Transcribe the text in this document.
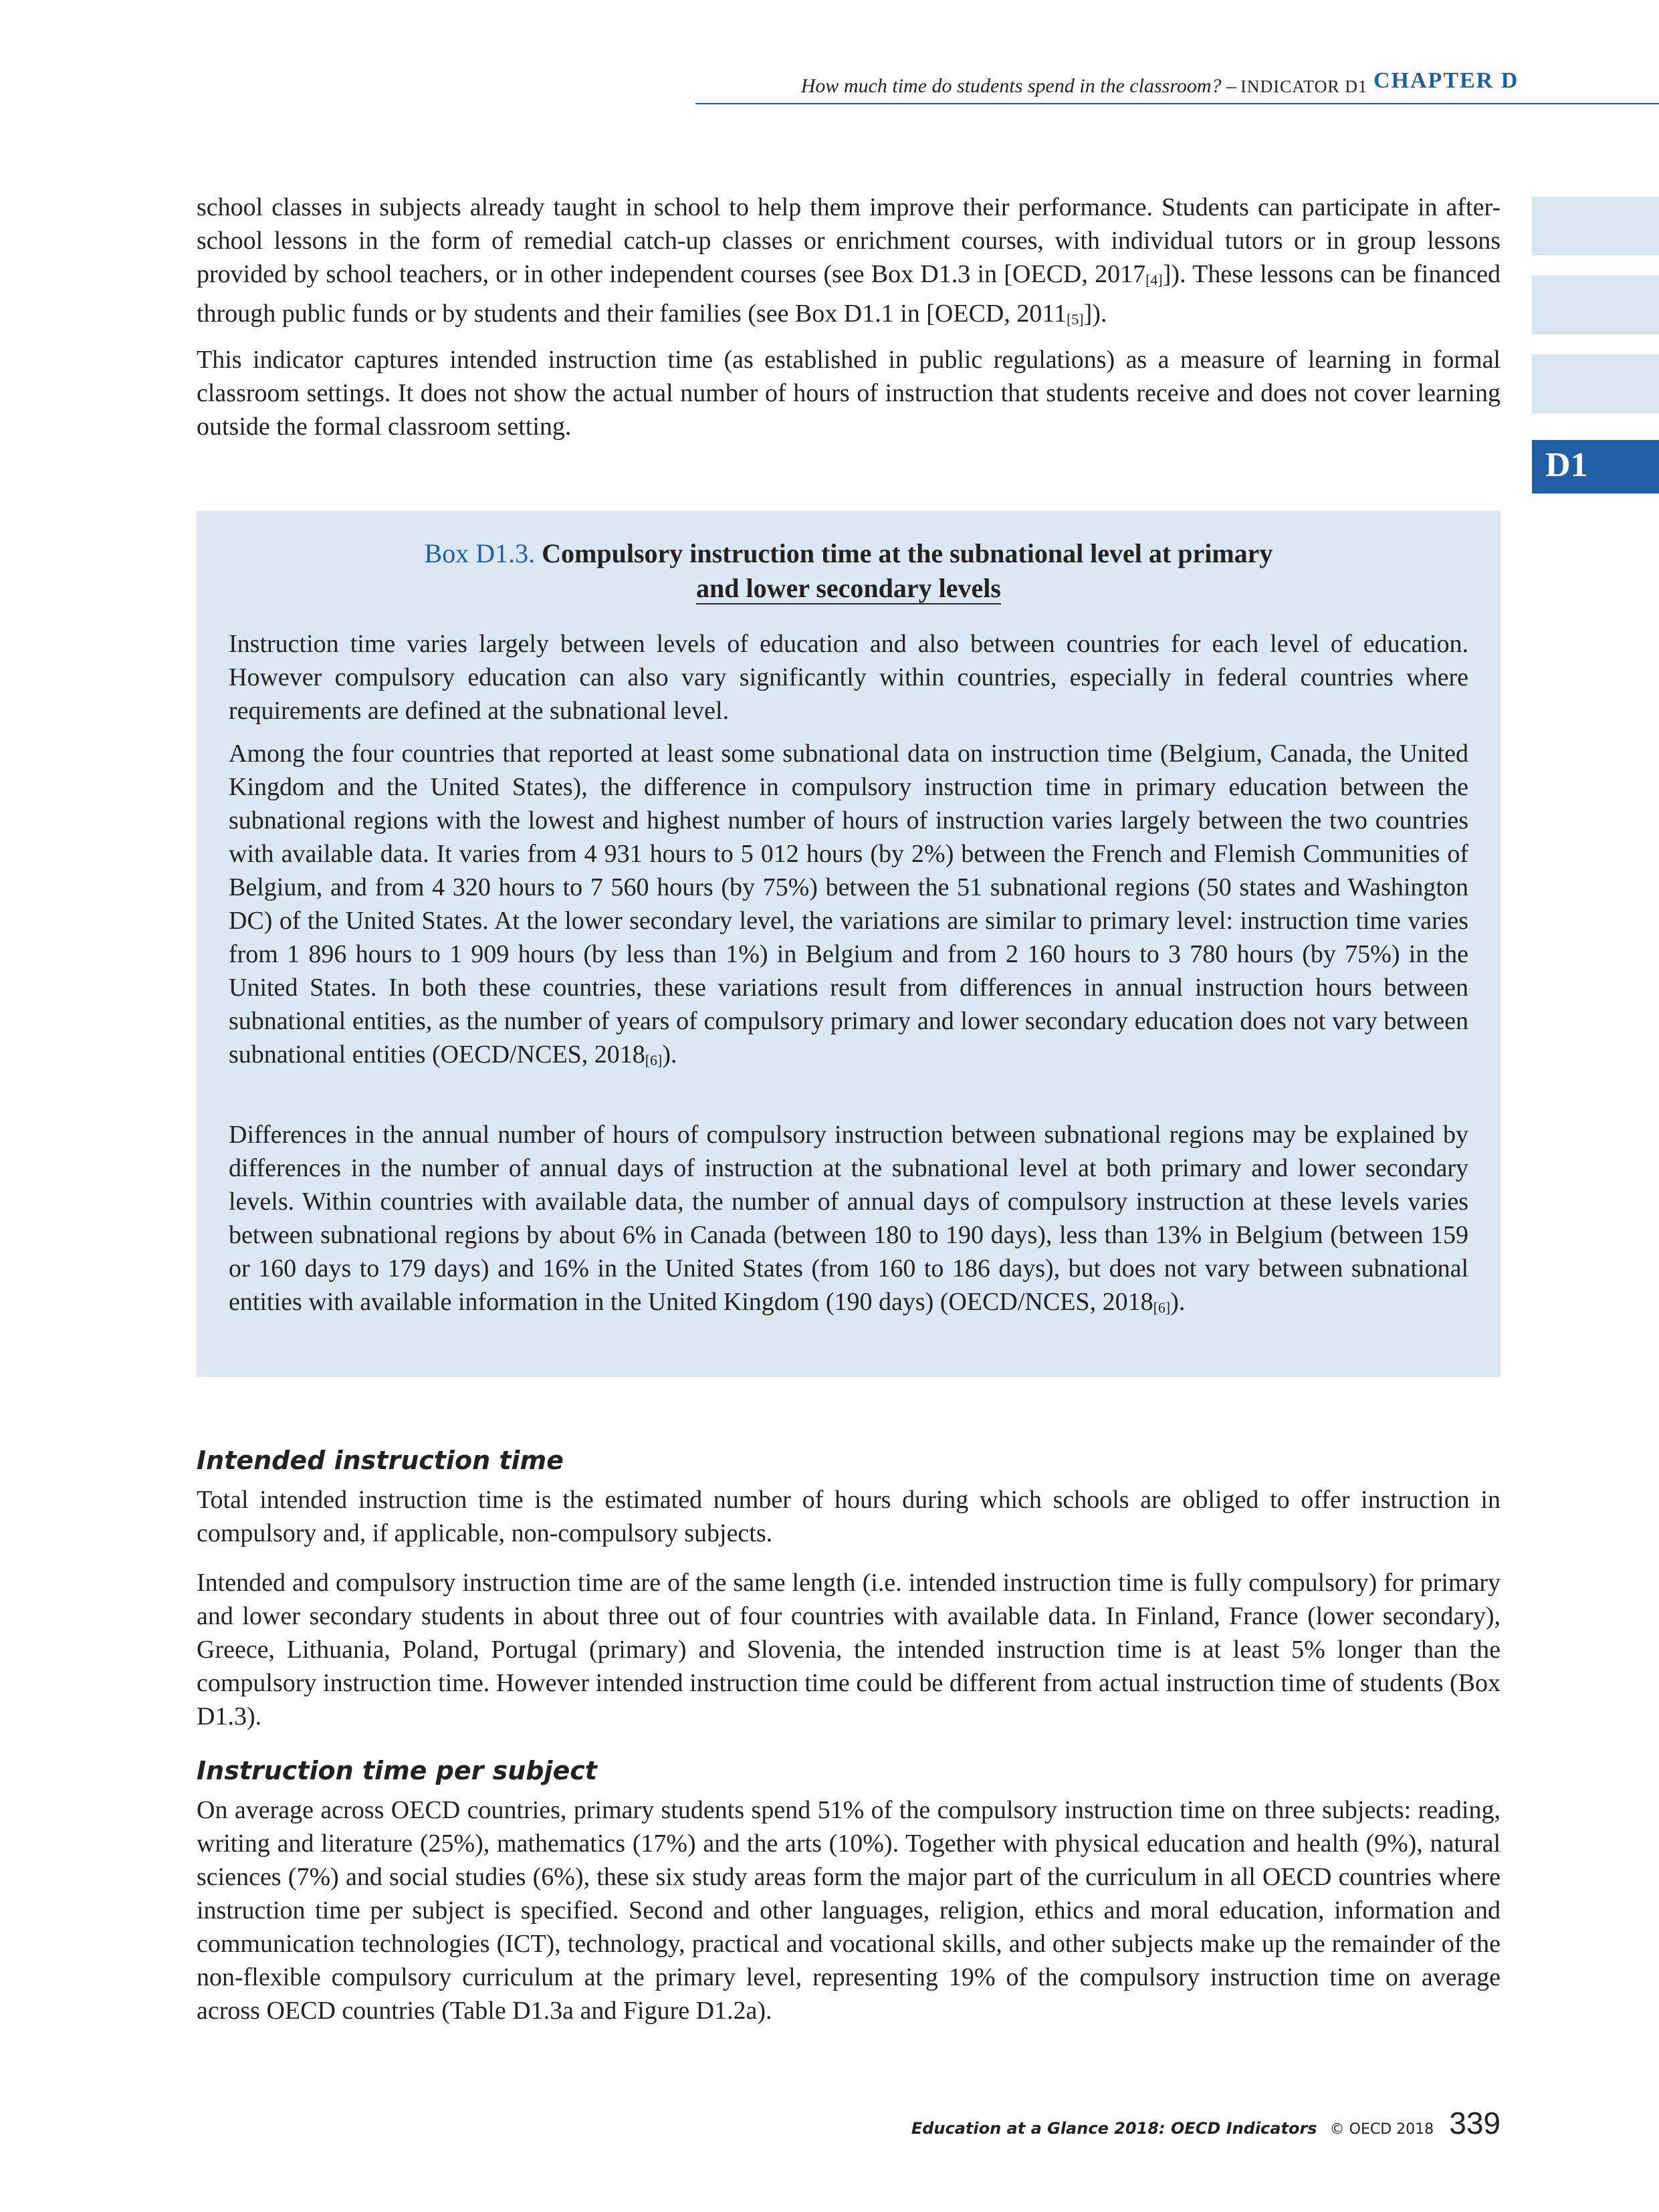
How much time do students spend in the classroom? – INDICATOR D1 CHAPTER D
D1

school classes in subjects already taught in school to help them improve their performance. Students can participate in after-school lessons in the form of remedial catch-up classes or enrichment courses, with individual tutors or in group lessons provided by school teachers, or in other independent courses (see Box D1.3 in [OECD, $2017_{[4]}$]). These lessons can be financed through public funds or by students and their families (see Box D1.1 in [OECD, $2011_{[5]}$]).

This indicator captures intended instruction time (as established in public regulations) as a measure of learning in formal classroom settings. It does not show the actual number of hours of instruction that students receive and does not cover learning outside the formal classroom setting.

Box D1.3. Compulsory instruction time at the subnational level at primary
and lower secondary levels

Instruction time varies largely between levels of education and also between countries for each level of education. However compulsory education can also vary significantly within countries, especially in federal countries where requirements are defined at the subnational level.

Among the four countries that reported at least some subnational data on instruction time (Belgium, Canada, the United Kingdom and the United States), the difference in compulsory instruction time in primary education between the subnational regions with the lowest and highest number of hours of instruction varies largely between the two countries with available data. It varies from 4 931 hours to 5 012 hours (by 2%) between the French and Flemish Communities of Belgium, and from 4 320 hours to 7 560 hours (by 75%) between the 51 subnational regions (50 states and Washington DC) of the United States. At the lower secondary level, the variations are similar to primary level: instruction time varies from 1 896 hours to 1 909 hours (by less than 1%) in Belgium and from 2 160 hours to 3 780 hours (by 75%) in the United States. In both these countries, these variations result from differences in annual instruction hours between subnational entities, as the number of years of compulsory primary and lower secondary education does not vary between subnational entities (OECD/NCES, $2018_{[6]}$).

Differences in the annual number of hours of compulsory instruction between subnational regions may be explained by differences in the number of annual days of instruction at the subnational level at both primary and lower secondary levels. Within countries with available data, the number of annual days of compulsory instruction at these levels varies between subnational regions by about 6% in Canada (between 180 to 190 days), less than 13% in Belgium (between 159 or 160 days to 179 days) and 16% in the United States (from 160 to 186 days), but does not vary between subnational entities with available information in the United Kingdom (190 days) (OECD/NCES, $2018_{[6]}$).

Intended instruction time

Total intended instruction time is the estimated number of hours during which schools are obliged to offer instruction in compulsory and, if applicable, non-compulsory subjects.

Intended and compulsory instruction time are of the same length (i.e. intended instruction time is fully compulsory) for primary and lower secondary students in about three out of four countries with available data. In Finland, France (lower secondary), Greece, Lithuania, Poland, Portugal (primary) and Slovenia, the intended instruction time is at least 5% longer than the compulsory instruction time. However intended instruction time could be different from actual instruction time of students (Box D1.3).

Instruction time per subject

On average across OECD countries, primary students spend 51% of the compulsory instruction time on three subjects: reading, writing and literature (25%), mathematics (17%) and the arts (10%). Together with physical education and health (9%), natural sciences (7%) and social studies (6%), these six study areas form the major part of the curriculum in all OECD countries where instruction time per subject is specified. Second and other languages, religion, ethics and moral education, information and communication technologies (ICT), technology, practical and vocational skills, and other subjects make up the remainder of the non-flexible compulsory curriculum at the primary level, representing 19% of the compulsory instruction time on average across OECD countries (Table D1.3a and Figure D1.2a).

Education at a Glance 2018: OECD Indicators © OECD 2018 339
